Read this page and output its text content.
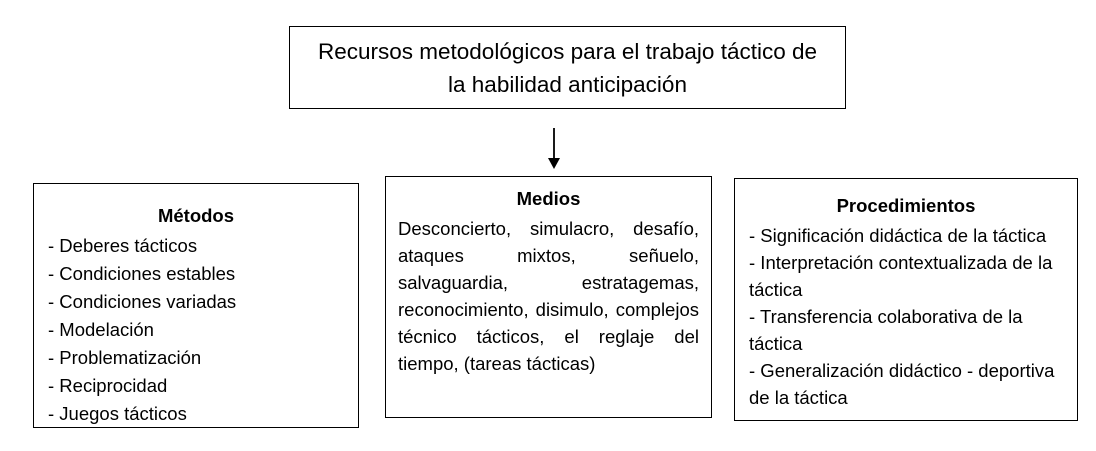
Recursos metodológicos para el trabajo táctico de
la habilidad anticipación
Métodos
- Deberes tácticos
- Condiciones estables
- Condiciones variadas
- Modelación
- Problematización
- Reciprocidad
- Juegos tácticos
Medios
Desconcierto, simulacro, desafío, ataques mixtos, señuelo, salvaguardia, estratagemas, reconocimiento, disimulo, complejos técnico tácticos, el reglaje del tiempo, (tareas tácticas)
Procedimientos
- Significación didáctica de la táctica
- Interpretación contextualizada de la táctica
- Transferencia colaborativa de la táctica
- Generalización didáctico - deportiva de la táctica
